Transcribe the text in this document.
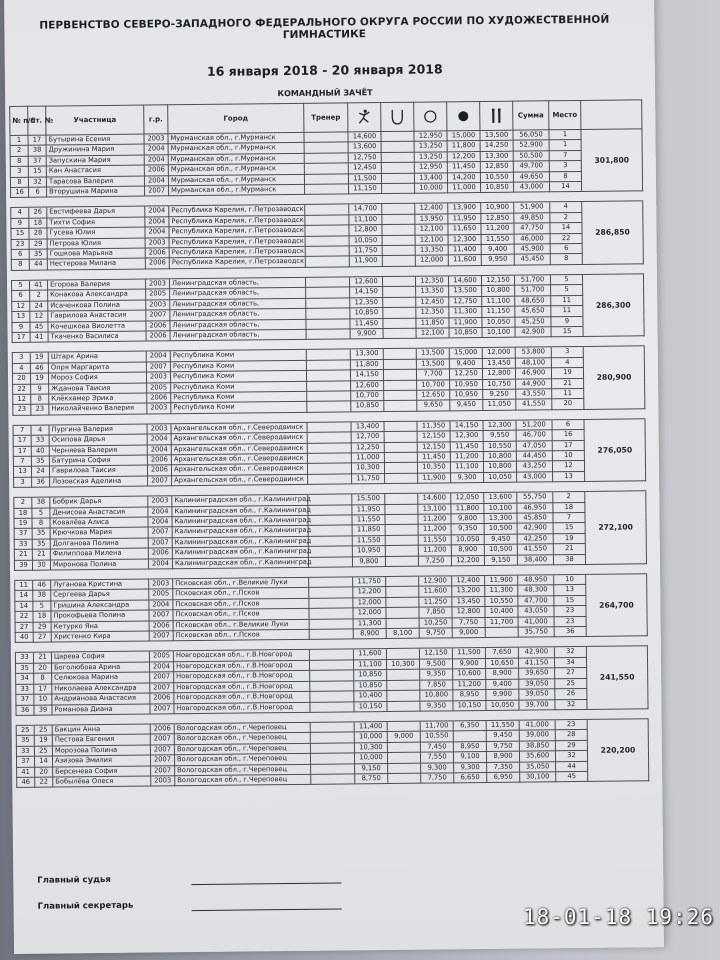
ПЕРВЕНСТВО СЕВЕРО-ЗАПАДНОГО ФЕДЕРАЛЬНОГО ОКРУГА РОССИИ ПО ХУДОЖЕСТВЕННОЙ ГИМНАСТИКЕ
16 января 2018 - 20 января 2018
КОМАНДНЫЙ ЗАЧЁТ
№ п/п	Ст. №	Участница	г.р.	Город	Тренер						Сумма	Место	
1	17	Бутырина Есения	2003	Мурманская обл., г.Мурманск		14,600		12,950	15,000	13,500	56,050	1	301,800
2	38	Дружинина Мария	2004	Мурманская обл., г.Мурманск		13,600		13,250	11,800	14,250	52,900	1	
8	37	Запускина Мария	2004	Мурманская обл., г.Мурманск		12,750		13,250	12,200	13,300	50,500	7	
3	15	Кан Анастасия	2006	Мурманская обл., г.Мурманск		12,450		12,950	11,450	12,850	49,700	3	
8	32	Тарасова Валерия	2004	Мурманская обл., г.Мурманск		11,500		13,400	14,200	10,550	49,650	8	
16	6	Вторушина Марина	2007	Мурманская обл., г.Мурманск		11,150		10,000	11,000	10,850	43,000	14	

4	26	Евстифеева Дарья	2004	Республика Карелия, г.Петрозаводск		14,700		12,400	13,900	10,900	51,900	4	286,850
9	18	Тихти София	2004	Республика Карелия, г.Петрозаводск		11,100		13,950	11,950	12,850	49,850	2	
15	28	Гусева Юлия	2004	Республика Карелия, г.Петрозаводск		12,800		12,100	11,650	11,200	47,750	14	
23	29	Петрова Юлия	2003	Республика Карелия, г.Петрозаводск		10,050		12,100	12,300	11,550	46,000	22	
6	35	Гошкова Марьяна	2006	Республика Карелия, г.Петрозаводск		11,750		13,350	11,400	9,400	45,900	6	
8	44	Нестерова Милана	2006	Республика Карелия, г.Петрозаводск		11,900		12,000	11,600	9,950	45,450	8	

5	41	Егорова Валерия	2003	Ленинградская область,		12,600		12,350	14,600	12,150	51,700	5	286,300
6	2	Конакова Александра	2005	Ленинградская область,		14,150		13,350	13,500	10,800	51,700	5	
12	24	Исаченкова Полина	2003	Ленинградская область,		12,350		12,450	12,750	11,100	48,650	11	
13	12	Гаврилова Анастасия	2007	Ленинградская область,		10,850		12,350	11,300	11,150	45,650	11	
9	45	Кочешкова Виолетта	2006	Ленинградская область,		11,450		11,850	11,900	10,050	45,250	9	
17	41	Ткаченко Василиса	2006	Ленинградская область,		9,900		12,100	10,850	10,100	42,900	15	

3	19	Штарк Арина	2004	Республика Коми		13,300		13,500	15,000	12,000	53,800	3	280,900
4	46	Опря Маргарита	2007	Республика Коми		11,800		13,500	9,400	13,450	48,100	4	
20	19	Мороз София	2003	Республика Коми		14,150		7,700	12,250	12,800	46,900	19	
22	9	Жданова Таисия	2005	Республика Коми		12,600		10,700	10,950	10,750	44,900	21	
12	8	Клёкхамер Эрика	2006	Республика Коми		10,700		12,650	10,950	9,250	43,550	11	
23	23	Николайченко Валерия	2003	Республика Коми		10,850		9,650	9,450	11,050	41,550	20	

7	4	Пургина Валерия	2003	Архангельская обл., г.Северодвинск		13,400		11,350	14,150	12,300	51,200	6	276,050
17	33	Осипова Дарья	2004	Архангельская обл., г.Северодвинск		12,700		12,150	12,300	9,550	46,700	16	
17	40	Черняева Валерия	2004	Архангельская обл., г.Северодвинск		12,250		12,150	11,450	10,550	47,050	17	
7	35	Батурина София	2006	Архангельская обл., г.Северодвинск		11,000		11,450	11,200	10,800	44,450	10	
13	24	Гаврилова Таисия	2006	Архангельская обл., г.Северодвинск		10,300		10,350	11,100	10,800	43,250	12	
3	36	Лозовская Аделина	2007	Архангельская обл., г.Северодвинск		11,750		11,900	9,300	10,050	43,000	13	

2	38	Бобрик Дарья	2003	Калининградская обл., г.Калининград		15,500		14,600	12,050	13,600	55,750	2	272,100
18	5	Денисова Анастасия	2004	Калининградская обл., г.Калининград		11,950		13,100	11,800	10,100	46,950	18	
19	8	Ковалёва Алиса	2004	Калининградская обл., г.Калининград		11,550		11,200	9,800	13,300	45,850	7	
37	35	Крючкова Мария	2007	Калининградская обл., г.Калининград		11,850		11,200	9,350	10,500	42,900	15	
33	35	Долганова Полина	2007	Калининградская обл., г.Калининград		11,550		11,550	10,050	9,450	42,250	19	
21	21	Филиппова Милена	2006	Калининградская обл., г.Калининград		10,950		11,200	8,900	10,500	41,550	21	
39	30	Миронова Полина	2004	Калининградская обл., г.Калининград		9,800		7,250	12,200	9,150	38,400	38	

11	46	Луганова Кристина	2003	Псковская обл., г.Великие Луки		11,750		12,900	12,400	11,900	48,950	10	264,700
14	38	Сергеева Дарья	2005	Псковская обл., г.Псков		12,200		11,600	13,200	11,300	48,300	13	
14	5	Гришина Александра	2004	Псковская обл., г.Псков		12,000		11,250	13,450	10,550	47,700	15	
22	18	Прокофьева Полина	2007	Псковская обл., г.Псков		12,000		7,850	12,800	10,400	43,050	23	
27	29	Кетурко Яна	2006	Псковская обл., г.Великие Луки		11,300		10,250	7,750	11,700	41,000	23	
40	27	Христенко Кира	2007	Псковская обл., г.Псков		8,900	8,100	9,750	9,000		35,750	36	

33	21	Царева София	2005	Новгородская обл., г.В.Новгород		11,600		12,150	11,500	7,650	42,900	32	241,550
35	20	Боголюбова Арина	2004	Новгородская обл., г.В.Новгород		11,100	10,300	9,500	9,900	10,650	41,150	34	
34	8	Селюкова Марина	2007	Новгородская обл., г.В.Новгород		10,850		9,350	10,600	8,900	39,650	27	
33	17	Николаева Александра	2007	Новгородская обл., г.В.Новгород		10,850		7,850	11,200	9,400	39,050	25	
37	10	Андрианова Анастасия	2006	Новгородская обл., г.В.Новгород		10,400		10,800	8,950	9,900	39,050	26	
36	39	Романова Диана	2007	Новгородская обл., г.В.Новгород		10,150		9,350	10,150	10,050	39,700	32	

25	25	Бакцин Анна	2006	Вологодская обл., г.Череповец		11,400		11,700	6,350	11,550	41,000	23	220,200
35	19	Пестова Евгения	2007	Вологодская обл., г.Череповец		10,000	9,000	10,550		9,450	39,000	28	
33	25	Морозова Полина	2007	Вологодская обл., г.Череповец		10,300		7,450	8,950	9,750	38,850	29	
37	14	Азизова Эмилия	2007	Вологодская обл., г.Череповец		10,000		7,550	9,100	8,900	35,600	32	
41	20	Берсенева София	2007	Вологодская обл., г.Череповец		9,150		9,300	9,300	7,350	35,050	44	
46	22	Бобылёва Олеся	2003	Вологодская обл., г.Череповец		8,750		7,750	6,650	6,950	30,100	45	
Главный судья
Главный секретарь	18-01-18 19:26
